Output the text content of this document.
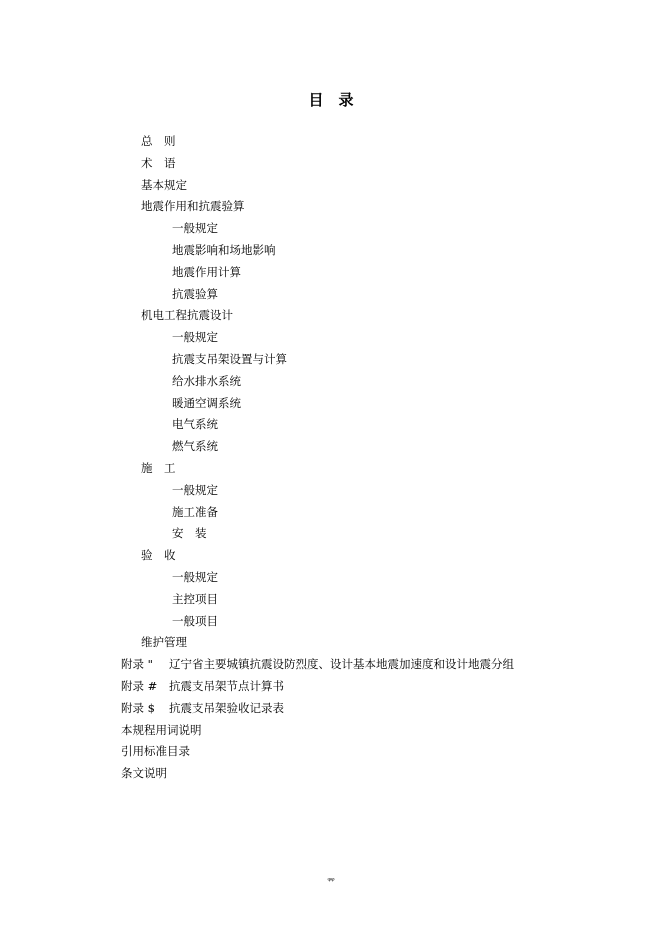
目　录
总　则
术　语
基本规定
地震作用和抗震验算
一般规定
地震影响和场地影响
地震作用计算
抗震验算
机电工程抗震设计
一般规定
抗震支吊架设置与计算
给水排水系统
暖通空调系统
电气系统
燃气系统
施　工
一般规定
施工准备
安　装
验　收
一般规定
主控项目
一般项目
维护管理
附录 " 辽宁省主要城镇抗震设防烈度、设计基本地震加速度和设计地震分组
附录 # 抗震支吊架节点计算书
附录 $ 抗震支吊架验收记录表
本规程用词说明
引用标准目录
条文说明
ᵠᵠ
